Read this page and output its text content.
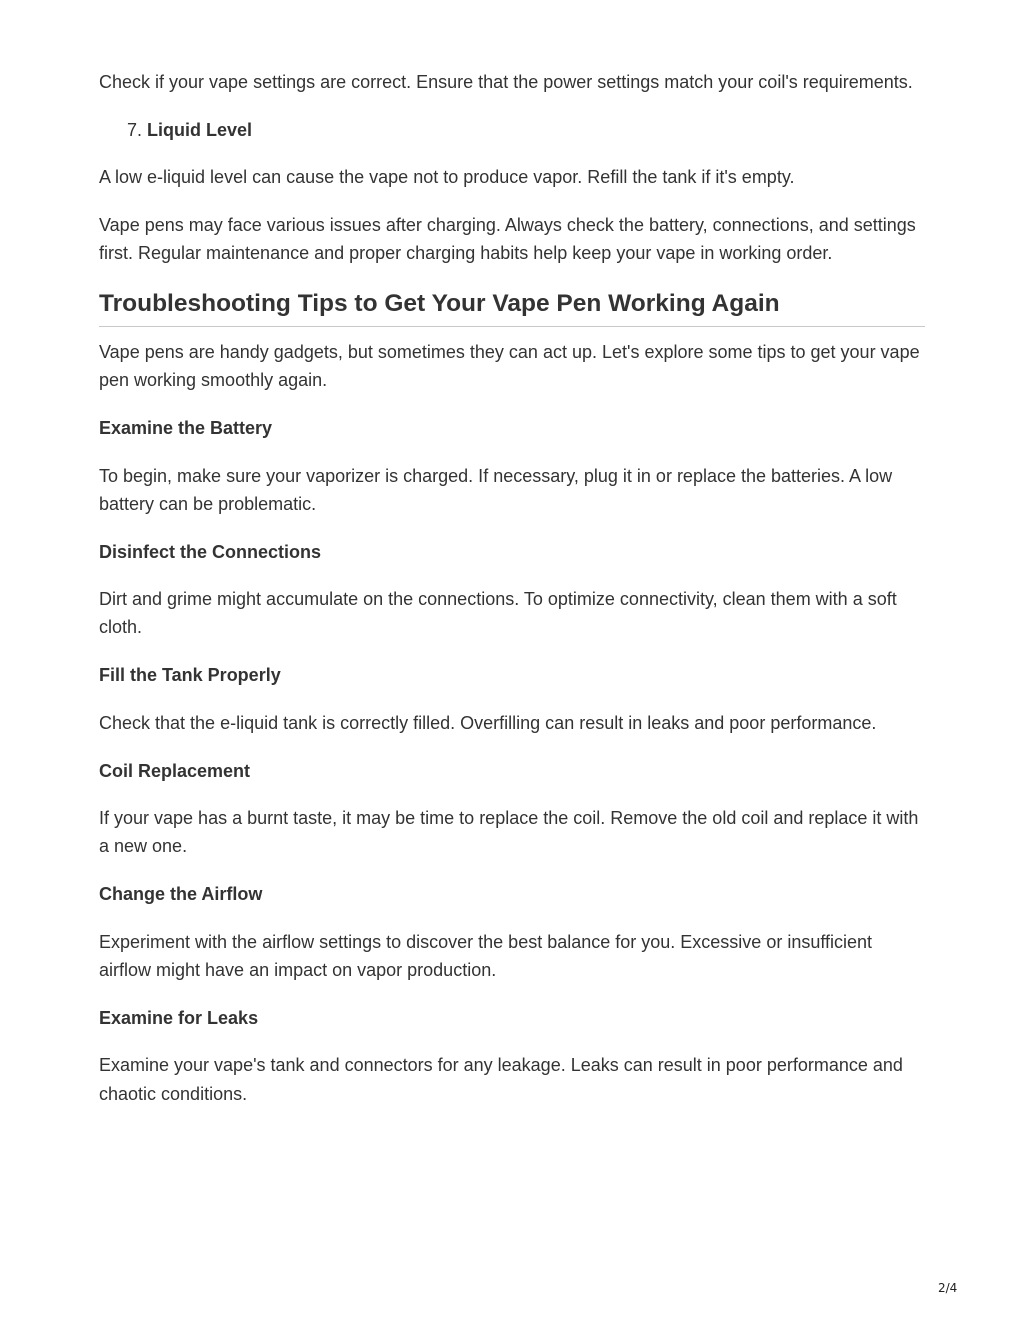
Check if your vape settings are correct. Ensure that the power settings match your coil's requirements.

7. Liquid Level

A low e-liquid level can cause the vape not to produce vapor. Refill the tank if it's empty.

Vape pens may face various issues after charging. Always check the battery, connections, and settings first. Regular maintenance and proper charging habits help keep your vape in working order.

Troubleshooting Tips to Get Your Vape Pen Working Again

Vape pens are handy gadgets, but sometimes they can act up. Let's explore some tips to get your vape pen working smoothly again.

Examine the Battery

To begin, make sure your vaporizer is charged. If necessary, plug it in or replace the batteries. A low battery can be problematic.

Disinfect the Connections

Dirt and grime might accumulate on the connections. To optimize connectivity, clean them with a soft cloth.

Fill the Tank Properly

Check that the e-liquid tank is correctly filled. Overfilling can result in leaks and poor performance.

Coil Replacement

If your vape has a burnt taste, it may be time to replace the coil. Remove the old coil and replace it with a new one.

Change the Airflow

Experiment with the airflow settings to discover the best balance for you. Excessive or insufficient airflow might have an impact on vapor production.

Examine for Leaks

Examine your vape's tank and connectors for any leakage. Leaks can result in poor performance and chaotic conditions.

2/4
